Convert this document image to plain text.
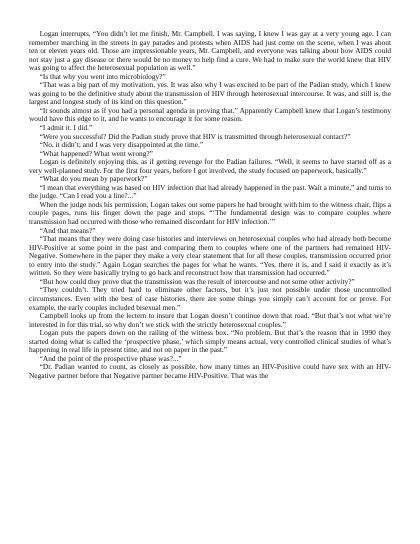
Logan interrupts, “You didn’t let me finish, Mr. Campbell. I was saying, I knew I was gay at a very young age. I can remember marching in the streets in gay parades and protests when AIDS had just come on the scene, when I was about ten or eleven years old. Those are impressionable years, Mr. Campbell, and everyone was talking about how AIDS could not stay just a gay disease or there would be no money to help find a cure. We had to make sure the world knew that HIV was going to affect the heterosexual population as well.”

“Is that why you went into microbiology?”

“That was a big part of my motivation, yes. It was also why I was excited to be part of the Padian study, which I knew was going to be the definitive study about the transmission of HIV through heterosexual intercourse. It was, and still is, the largest and longest study of its kind on this question.”

“It sounds almost as if you had a personal agenda in proving that.” Apparently Campbell knew that Logan’s testimony would have this edge to it, and he wants to encourage it for some reason.

“I admit it. I did.”

“Were you successful? Did the Padian study prove that HIV is transmitted through heterosexual contact?”

“No, it didn’t; and I was very disappointed at the time.”

“What happened? What went wrong?”

Logan is definitely enjoying this, as if getting revenge for the Padian failures. “Well, it seems to have started off as a very well-planned study. For the first four years, before I got involved, the study focused on paperwork, basically.”

“What do you mean by paperwork?”

“I mean that everything was based on HIV infection that had already happened in the past. Wait a minute,” and turns to the judge. “Can I read you a line?...”

When the judge nods his permission, Logan takes out some papers he had brought with him to the witness chair, flips a couple pages, runs his finger down the page and stops. “‘The fundamental design was to compare couples where transmission had occurred with those who remained discordant for HIV infection.’”

“And that means?”

“That means that they were doing case histories and interviews on heterosexual couples who had already both become HIV-Positive at some point in the past and comparing them to couples where one of the partners had remained HIV-Negative. Somewhere in the paper they make a very clear statement that for all these couples, transmission occurred prior to entry into the study.” Again Logan searches the pages for what he wants. “Yes, there it is, and I said it exactly as it’s written. So they were basically trying to go back and reconstruct how that transmission had occurred.”

“But how could they prove that the transmission was the result of intercourse and not some other activity?”

“They couldn’t. They tried hard to eliminate other factors, but it’s just not possible under those uncontrolled circumstances. Even with the best of case histories, there are some things you simply can’t account for or prove. For example, the early couples included bisexual men.”

Campbell looks up from the lectern to insure that Logan doesn’t continue down that road. “But that’s not what we’re interested in for this trial, so why don’t we stick with the strictly heterosexual couples.”

Logan puts the papers down on the railing of the witness box. “No problem. But that’s the reason that in 1990 they started doing what is called the ‘prospective phase,’ which simply means actual, very controlled clinical studies of what’s happening in real life in present time, and not on paper in the past.”

“And the point of the prospective phase was?...”

“Dr. Padian wanted to count, as closely as possible, how many times an HIV-Positive could have sex with an HIV-Negative partner before that Negative partner became HIV-Positive. That was the
